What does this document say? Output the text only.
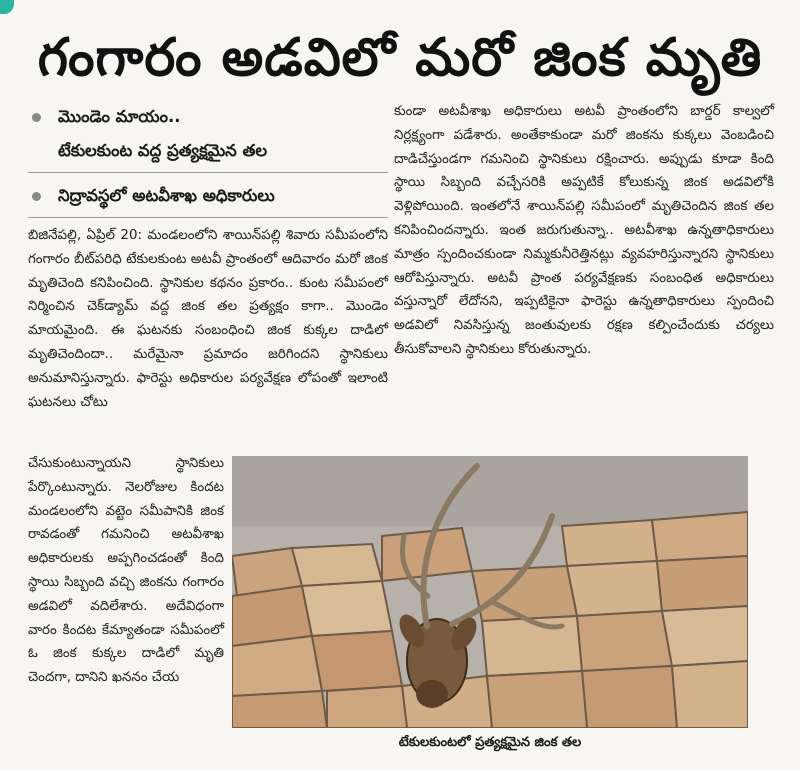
గంగారం అడవిలో మరో జింక మృతి
మొండెం మాయం..
టేకులకుంట వద్ద ప్రత్యక్షమైన తల
నిద్రావస్థలో అటవీశాఖ అధికారులు

బిజినేపల్లి, ఏప్రిల్ 20: మండలంలోని శాయిన్‌పల్లి శివారు సమీపంలోని గంగారం బీట్‌పరిధి టేకులకుంట అటవీ ప్రాంతంలో ఆదివారం మరో జింక మృతిచెంది కనిపించింది. స్థానికుల కథనం ప్రకారం.. కుంట సమీపంలో నిర్మించిన చెక్‌డ్యామ్ వద్ద జింక తల ప్రత్యక్షం కాగా.. మొండెం మాయమైంది. ఈ ఘటనకు సంబంధించి జింక కుక్కల దాడిలో మృతిచెందిందా.. మరేమైనా ప్రమాదం జరిగిందని స్థానికులు అనుమానిస్తున్నారు. ఫారెస్టు అధికారుల పర్యవేక్షణ లోపంతో ఇలాంటి ఘటనలు చోటు

చేసుకుంటున్నాయని స్థానికులు పేర్కొంటున్నారు. నెలరోజుల కిందట మండలంలోని వట్టెం సమీపానికి జింక రావడంతో గమనించి అటవీశాఖ అధికారులకు అప్పగించడంతో కింది స్థాయి సిబ్బంది వచ్చి జింకను గంగారం అడవిలో వదిలేశారు. అదేవిధంగా వారం కిందట కేమ్యాతండా సమీపంలో ఓ జింక కుక్కల దాడిలో మృతి చెందగా, దానిని ఖననం చేయ

కుండా అటవీశాఖ అధికారులు అటవీ ప్రాంతంలోని బార్డర్ కాల్వలో నిర్లక్ష్యంగా పడేశారు. అంతేకాకుండా మరో జింకను కుక్కలు వెంబడించి దాడిచేస్తుండగా గమనించి స్థానికులు రక్షించారు. అప్పుడు కూడా కింది స్థాయి సిబ్బంది వచ్చేసరికి అప్పటికే కోలుకున్న జింక అడవిలోకి వెళ్లిపోయింది. ఇంతలోనే శాయిన్‌పల్లి సమీపంలో మృతిచెందిన జింక తల కనిపించిందన్నారు. ఇంత జరుగుతున్నా.. అటవీశాఖ ఉన్నతాధికారులు మాత్రం స్పందించకుండా నిమ్మకునీరెత్తినట్లు వ్యవహరిస్తున్నారని స్థానికులు ఆరోపిస్తున్నారు. అటవీ ప్రాంత పర్యవేక్షణకు సంబంధిత అధికారులు వస్తున్నారో లేదోనని, ఇప్పటికైనా ఫారెస్టు ఉన్నతాధికారులు స్పందించి అడవిలో నివసిస్తున్న జంతువులకు రక్షణ కల్పించేందుకు చర్యలు తీసుకోవాలని స్థానికులు కోరుతున్నారు.

టేకులకుంటలో ప్రత్యక్షమైన జింక తల
